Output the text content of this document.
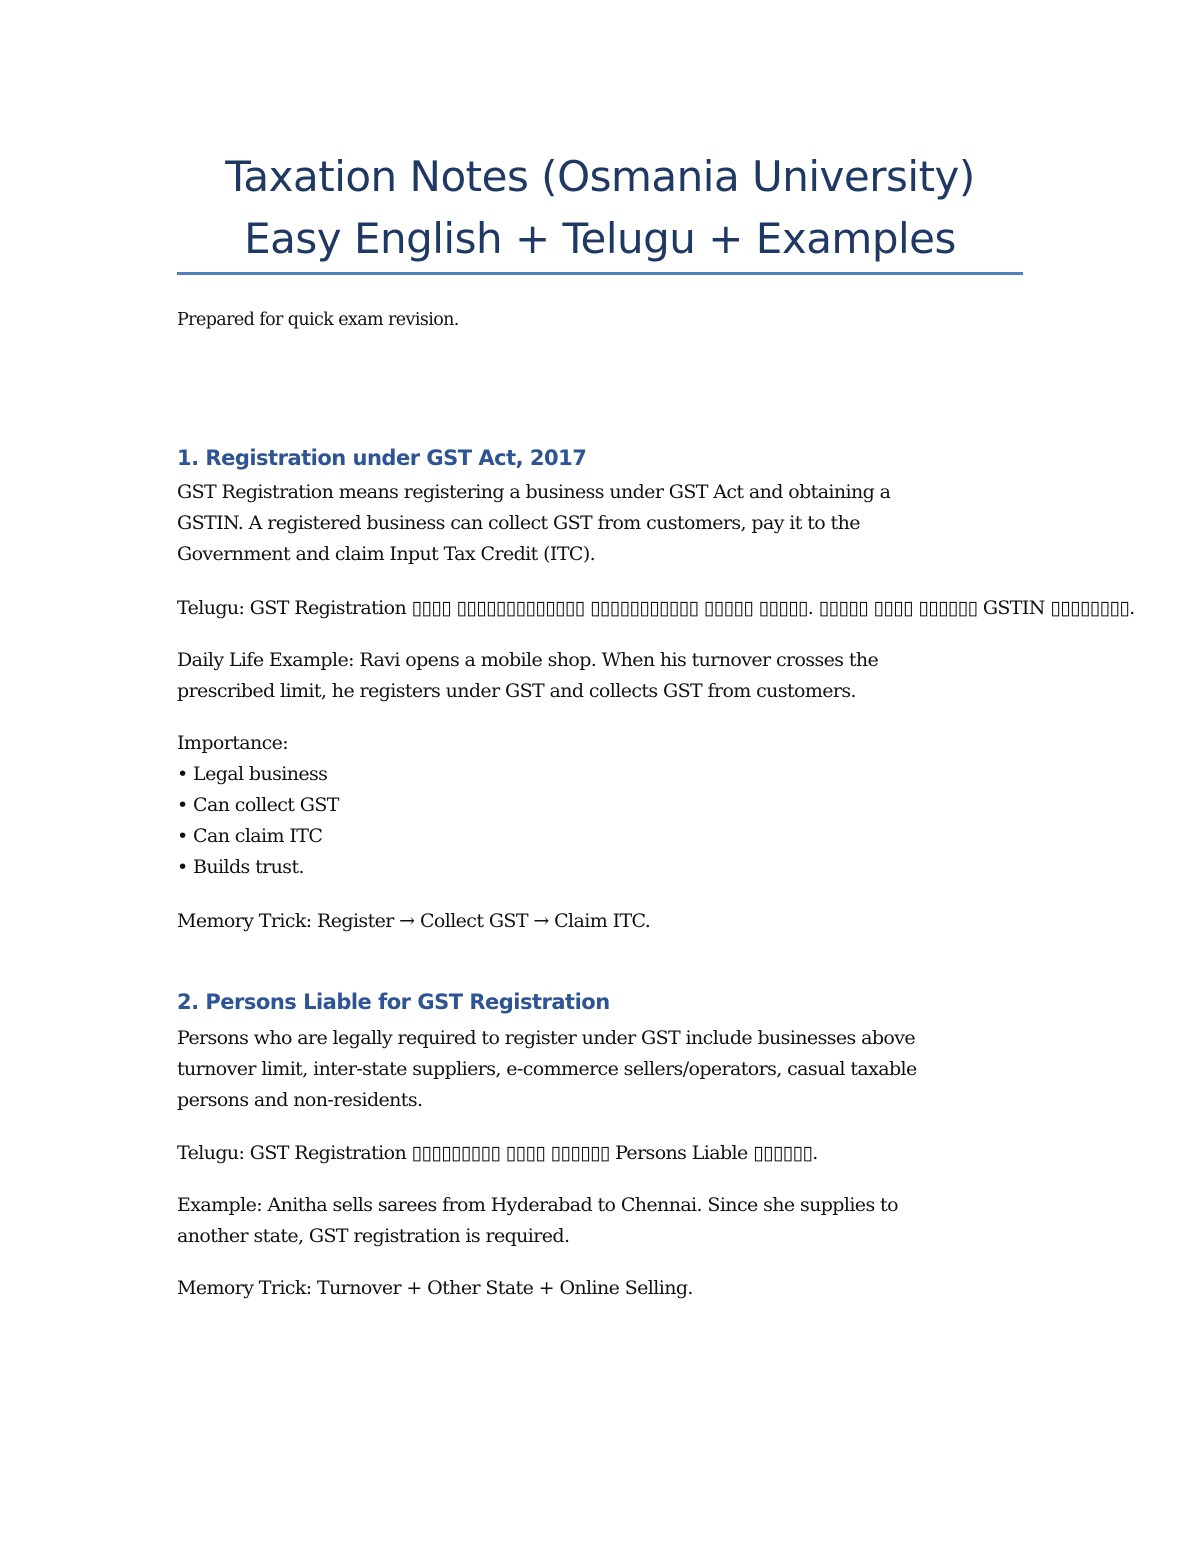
Taxation Notes (Osmania University)
Easy English + Telugu + Examples
Prepared for quick exam revision.
1. Registration under GST Act, 2017
GST Registration means registering a business under GST Act and obtaining a
GSTIN. A registered business can collect GST from customers, pay it to the
Government and claim Input Tax Credit (ITC).
Telugu: GST Registration ▯▯▯▯ ▯▯▯▯▯▯▯▯▯▯▯▯▯ ▯▯▯▯▯▯▯▯▯▯▯ ▯▯▯▯▯ ▯▯▯▯▯. ▯▯▯▯▯ ▯▯▯▯ ▯▯▯▯▯▯ GSTIN ▯▯▯▯▯▯▯▯.
Daily Life Example: Ravi opens a mobile shop. When his turnover crosses the
prescribed limit, he registers under GST and collects GST from customers.
Importance:
• Legal business
• Can collect GST
• Can claim ITC
• Builds trust.
Memory Trick: Register → Collect GST → Claim ITC.
2. Persons Liable for GST Registration
Persons who are legally required to register under GST include businesses above
turnover limit, inter-state suppliers, e-commerce sellers/operators, casual taxable
persons and non-residents.
Telugu: GST Registration ▯▯▯▯▯▯▯▯▯ ▯▯▯▯ ▯▯▯▯▯▯ Persons Liable ▯▯▯▯▯▯.
Example: Anitha sells sarees from Hyderabad to Chennai. Since she supplies to
another state, GST registration is required.
Memory Trick: Turnover + Other State + Online Selling.
